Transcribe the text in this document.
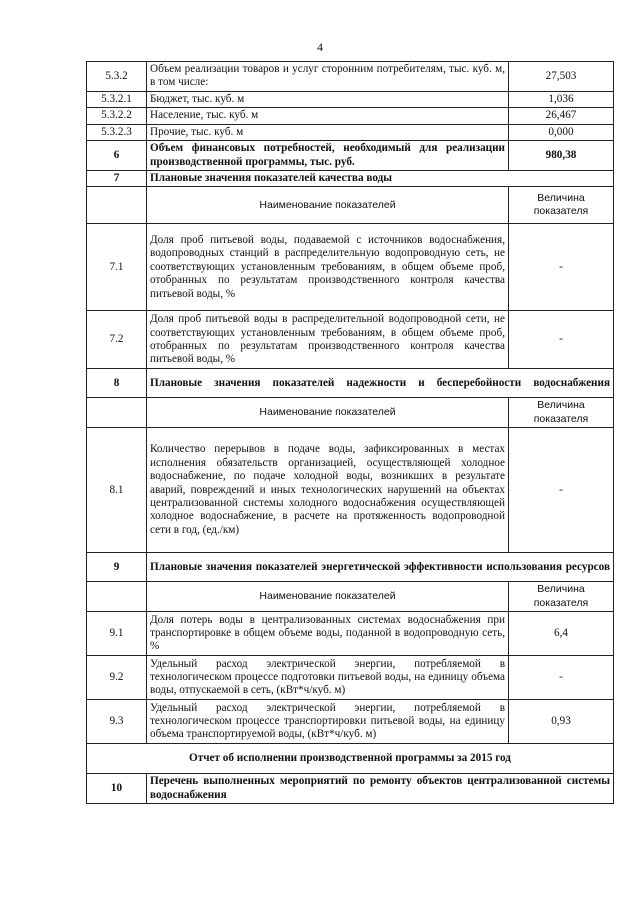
4
5.3.2	Объем реализации товаров и услуг сторонним потребителям, тыс. куб. м, в том числе:	27,503
5.3.2.1	Бюджет, тыс. куб. м	1,036
5.3.2.2	Население, тыс. куб. м	26,467
5.3.2.3	Прочие, тыс. куб. м	0,000
6	Объем финансовых потребностей, необходимый для реализации производственной программы, тыс. руб.	980,38
7	Плановые значения показателей качества воды	
	Наименование показателей	Величина показателя
7.1	Доля проб питьевой воды, подаваемой с источников водоснабжения, водопроводных станций в распределительную водопроводную сеть, не соответствующих установленным требованиям, в общем объеме проб, отобранных по результатам производственного контроля качества питьевой воды, %	-
7.2	Доля проб питьевой воды в распределительной водопроводной сети, не соответствующих установленным требованиям, в общем объеме проб, отобранных по результатам производственного контроля качества питьевой воды, %	-
8	Плановые значения показателей надежности и бесперебойности водоснабжения	
	Наименование показателей	Величина показателя
8.1	Количество перерывов в подаче воды, зафиксированных в местах исполнения обязательств организацией, осуществляющей холодное водоснабжение, по подаче холодной воды, возникших в результате аварий, повреждений и иных технологических нарушений на объектах централизованной системы холодного водоснабжения осуществляющей холодное водоснабжение, в расчете на протяженность водопроводной сети в год, (ед./км)	-
9	Плановые значения показателей энергетической эффективности использования ресурсов	
	Наименование показателей	Величина показателя
9.1	Доля потерь воды в централизованных системах водоснабжения при транспортировке в общем объеме воды, поданной в водопроводную сеть, %	6,4
9.2	Удельный расход электрической энергии, потребляемой в технологическом процессе подготовки питьевой воды, на единицу объема воды, отпускаемой в сеть, (кВт*ч/куб. м)	-
9.3	Удельный расход электрической энергии, потребляемой в технологическом процессе транспортировки питьевой воды, на единицу объема транспортируемой воды, (кВт*ч/куб. м)	0,93
Отчет об исполнении производственной программы за 2015 год		
10	Перечень выполненных мероприятий по ремонту объектов централизованной системы водоснабжения	
